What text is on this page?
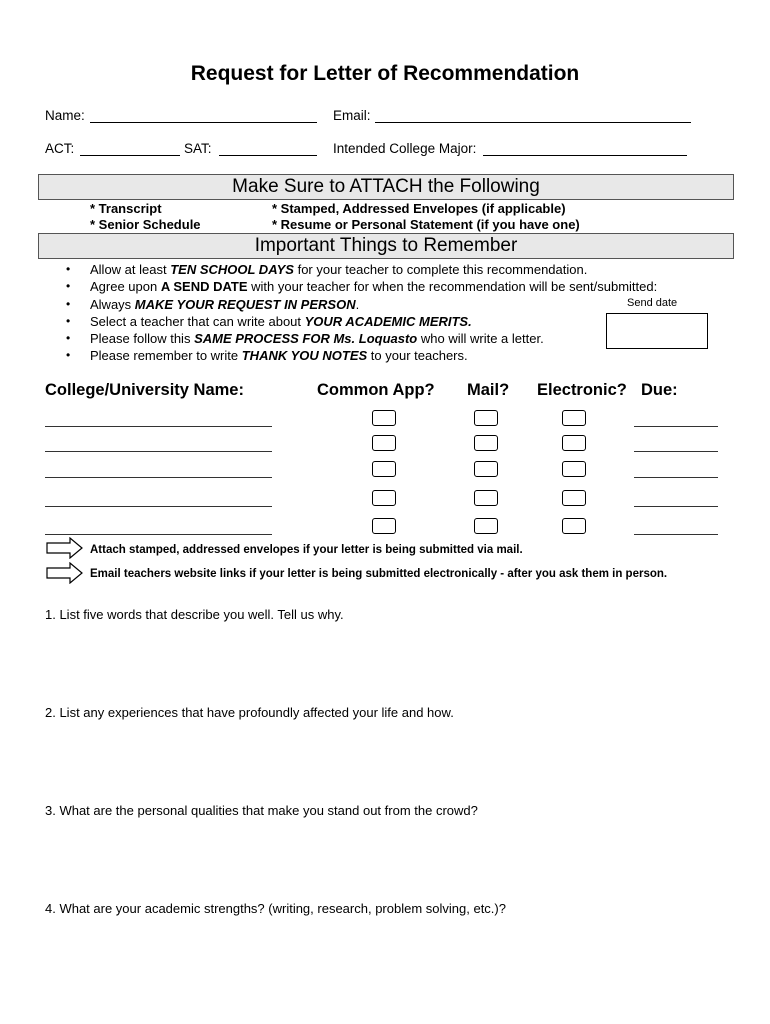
Request for Letter of Recommendation
Name:	Email:
ACT:	SAT:	Intended College Major:
Make Sure to ATTACH the Following
* Transcript
* Senior Schedule
* Stamped, Addressed Envelopes (if applicable)
* Resume or Personal Statement (if you have one)
Important Things to Remember
• Allow at least TEN SCHOOL DAYS for your teacher to complete this recommendation.
• Agree upon A SEND DATE with your teacher for when the recommendation will be sent/submitted:
• Always MAKE YOUR REQUEST IN PERSON.
• Select a teacher that can write about YOUR ACADEMIC MERITS.
• Please follow this SAME PROCESS FOR Ms. Loquasto who will write a letter.
• Please remember to write THANK YOU NOTES to your teachers.
Send date
College/University Name:	Common App? Mail? Electronic? Due:
Attach stamped, addressed envelopes if your letter is being submitted via mail.
Email teachers website links if your letter is being submitted electronically - after you ask them in person.
1. List five words that describe you well. Tell us why.
2. List any experiences that have profoundly affected your life and how.
3. What are the personal qualities that make you stand out from the crowd?
4. What are your academic strengths? (writing, research, problem solving, etc.)?
